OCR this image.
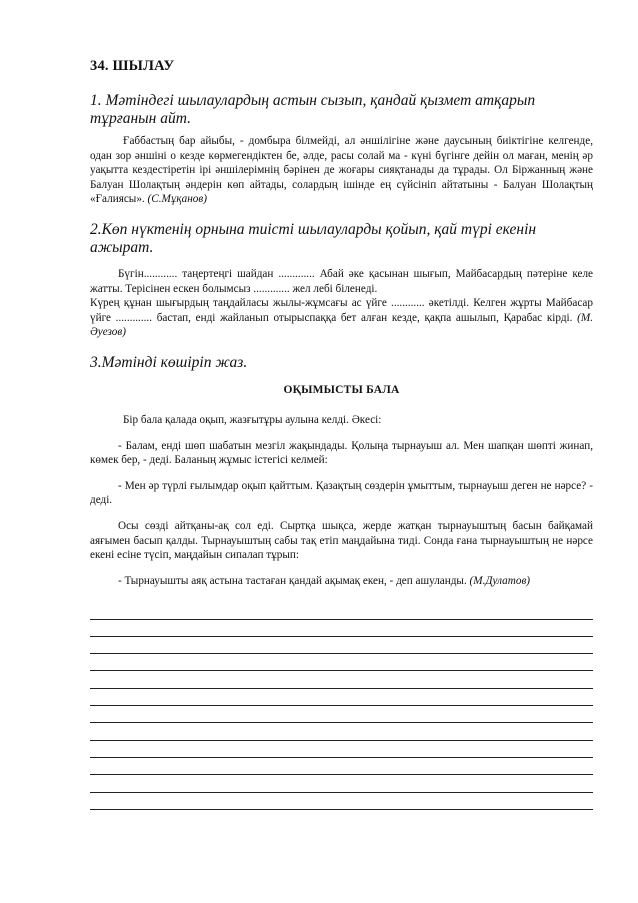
34. ШЫЛАУ
1. Мәтіндегі шылаулардың астын сызып, қандай қызмет атқарып тұрғанын айт.

Ғаббастың бар айыбы, - домбыра білмейді, ал әншілігіне және даусының биіктігіне келгенде, одан зор әншіні о кезде көрмегендіктен бе, әлде, расы солай ма - күні бүгінге дейін ол маған, менің әр уақытта кездестіретін ірі әншілерімнің бәрінен де жоғары сияқтанады да тұрады. Ол Біржанның және Балуан Шолақтың әндерін көп айтады, солардың ішінде ең сүйсініп айтатыны - Балуан Шолақтың «Ғалиясы». (С.Мұқанов)

2.Көп нүктенің орнына тиісті шылауларды қойып, қай түрі екенін ажырат.

Бүгін............ таңертеңгі шайдан ............. Абай әке қасынан шығып, Майбасардың пәтеріне келе жатты. Терісінен ескен болымсыз ............. жел лебі біленеді.

Күрең құнан шығырдың таңдайласы жылы-жұмсағы ас үйге ............ әкетілді. Келген жұрты Майбасар үйге ............. бастап, енді жайланып отырыспаққа бет алған кезде, қақпа ашылып, Қарабас кірді. (М. Әуезов)

3.Мәтінді көшіріп жаз.
ОҚЫМЫСТЫ БАЛА

Бір бала қалада оқып, жазғытұры аулына келді. Әкесі:

- Балам, енді шөп шабатын мезгіл жақындады. Қолыңа тырнауыш ал. Мен шапқан шөпті жинап, көмек бер, - деді. Баланың жұмыс істегісі келмей:

- Мен әр түрлі ғылымдар оқып қайттым. Қазақтың сөздерін ұмыттым, тырнауыш деген не нәрсе? - деді.

Осы сөзді айтқаны-ақ сол еді. Сыртқа шықса, жерде жатқан тырнауыштың басын байқамай аяғымен басып қалды. Тырнауыштың сабы тақ етіп маңдайына тиді. Сонда ғана тырнауыштың не нәрсе екені есіне түсіп, маңдайын сипалап тұрып:

- Тырнауышты аяқ астына тастаған қандай ақымақ екен, - деп ашуланды. (М.Дулатов)
